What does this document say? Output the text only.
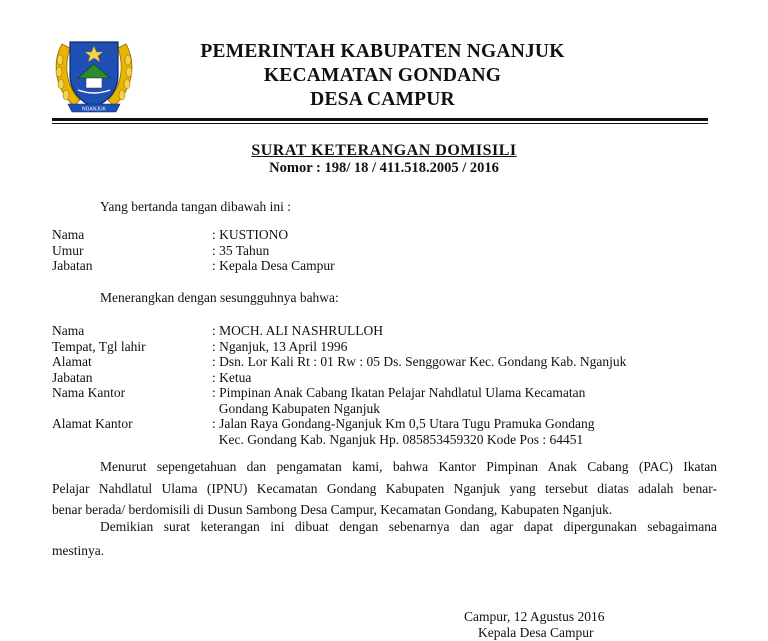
NGANJUK
PEMERINTAH KABUPATEN NGANJUK
KECAMATAN GONDANG
DESA CAMPUR
SURAT KETERANGAN DOMISILI
Nomor : 198/ 18 / 411.518.2005 / 2016
Yang bertanda tangan dibawah ini :
Nama	: KUSTIONO
Umur	: 35 Tahun
Jabatan	: Kepala Desa Campur
Menerangkan dengan sesungguhnya bahwa:
Nama	: MOCH. ALI NASHRULLOH
Tempat, Tgl lahir	: Nganjuk, 13 April 1996
Alamat	: Dsn. Lor Kali Rt : 01 Rw : 05 Ds. Senggowar Kec. Gondang Kab. Nganjuk
Jabatan	: Ketua
Nama Kantor	: Pimpinan Anak Cabang Ikatan Pelajar Nahdlatul Ulama Kecamatan
Gondang Kabupaten Nganjuk
Alamat Kantor	: Jalan Raya Gondang-Nganjuk Km 0,5 Utara Tugu Pramuka Gondang
Kec. Gondang Kab. Nganjuk Hp. 085853459320 Kode Pos : 64451
Menurut sepengetahuan dan pengamatan kami, bahwa Kantor Pimpinan Anak Cabang (PAC) Ikatan
Pelajar Nahdlatul Ulama (IPNU) Kecamatan Gondang Kabupaten Nganjuk yang tersebut diatas adalah benar-
benar berada/ berdomisili di Dusun Sambong Desa Campur, Kecamatan Gondang, Kabupaten Nganjuk.
Demikian surat keterangan ini dibuat dengan sebenarnya dan agar dapat dipergunakan sebagaimana
mestinya.
Campur, 12 Agustus 2016
Kepala Desa Campur
